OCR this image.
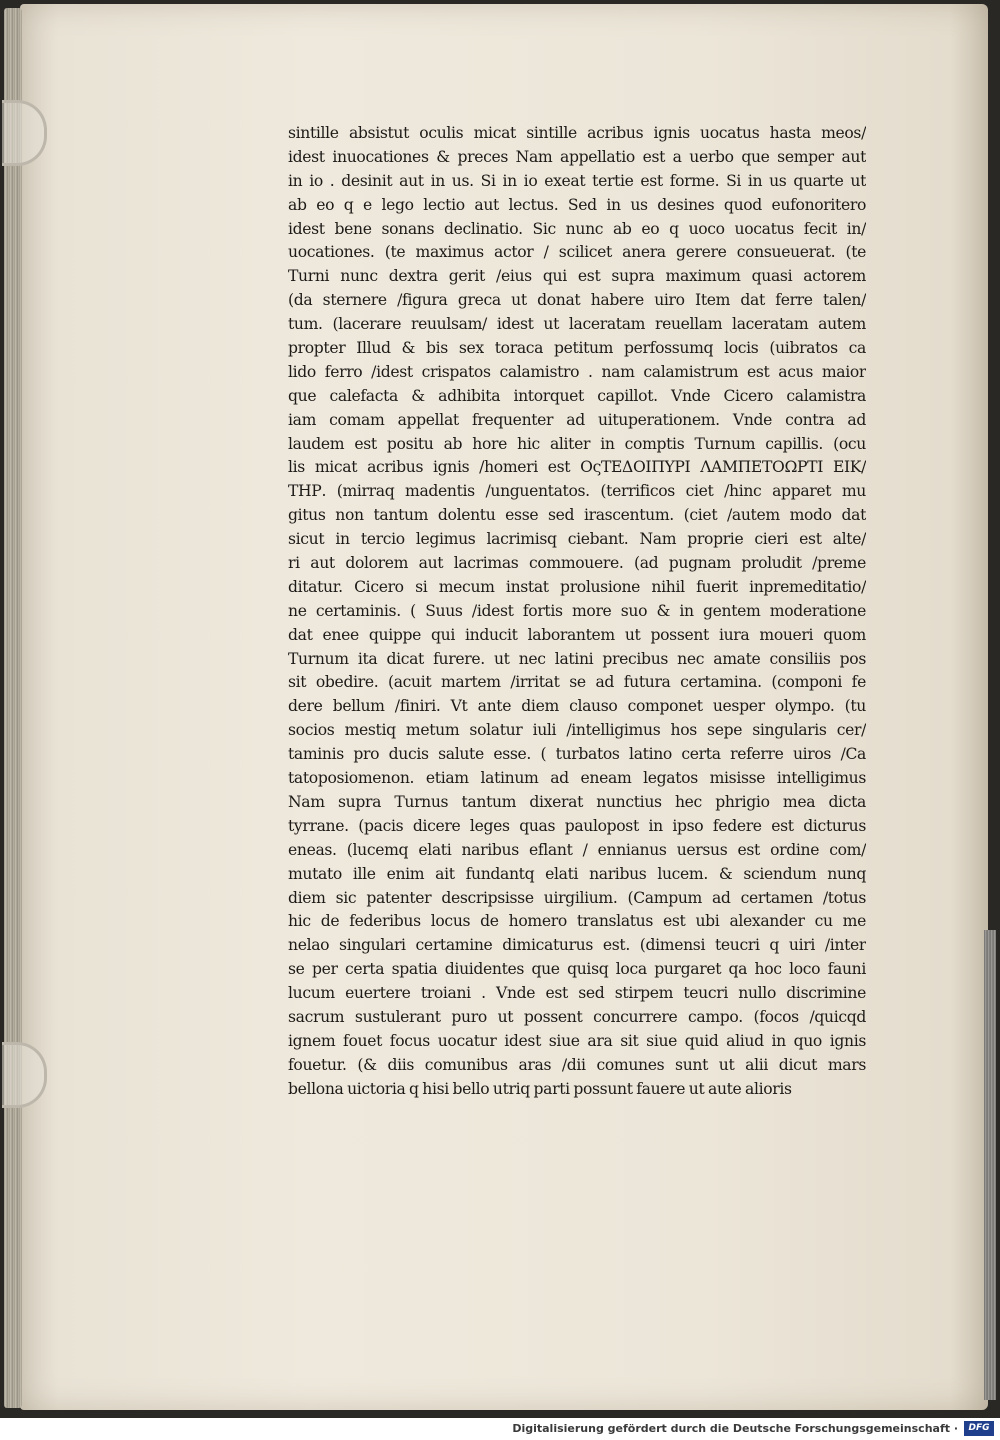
sintille absistut oculis micat sintille acribus ignis uocatus hasta meos/
idest inuocationes & preces Nam appellatio est a uerbo que semper aut
in io . desinit aut in us. Si in io exeat tertie est forme. Si in us quarte ut
ab eo q e lego lectio aut lectus. Sed in us desines quod eufonoritero
idest bene sonans declinatio. Sic nunc ab eo q uoco uocatus fecit in/
uocationes. (te maximus actor / scilicet anera gerere consueuerat. (te
Turni nunc dextra gerit /eius qui est supra maximum quasi actorem
(da sternere /figura greca ut donat habere uiro Item dat ferre talen/
tum. (lacerare reuulsam/ idest ut laceratam reuellam laceratam autem
propter Illud & bis sex toraca petitum perfossumq locis (uibratos ca
lido ferro /idest crispatos calamistro . nam calamistrum est acus maior
que calefacta & adhibita intorquet capillot. Vnde Cicero calamistra
iam comam appellat frequenter ad uituperationem. Vnde contra ad
laudem est positu ab hore hic aliter in comptis Turnum capillis. (ocu
lis micat acribus ignis /homeri est ΟςΤΕΔΟΙΠΥΡΙ ΛΑΜΠΕΤΟΩΡΤΙ ΕΙΚ/
ΤΗΡ. (mirraq madentis /unguentatos. (terrificos ciet /hinc apparet mu
gitus non tantum dolentu esse sed irascentum. (ciet /autem modo dat
sicut in tercio legimus lacrimisq ciebant. Nam proprie cieri est alte/
ri aut dolorem aut lacrimas commouere. (ad pugnam proludit /preme
ditatur. Cicero si mecum instat prolusione nihil fuerit inpremeditatio/
ne certaminis. ( Suus /idest fortis more suo & in gentem moderatione
dat enee quippe qui inducit laborantem ut possent iura moueri quom
Turnum ita dicat furere. ut nec latini precibus nec amate consiliis pos
sit obedire. (acuit martem /irritat se ad futura certamina. (componi fe
dere bellum /finiri. Vt ante diem clauso componet uesper olympo. (tu
socios mestiq metum solatur iuli /intelligimus hos sepe singularis cer/
taminis pro ducis salute esse. ( turbatos latino certa referre uiros /Ca
tatoposiomenon. etiam latinum ad eneam legatos misisse intelligimus
Nam supra Turnus tantum dixerat nunctius hec phrigio mea dicta
tyrrane. (pacis dicere leges quas paulopost in ipso federe est dicturus
eneas. (lucemq elati naribus eflant / ennianus uersus est ordine com/
mutato ille enim ait fundantq elati naribus lucem. & sciendum nunq
diem sic patenter descripsisse uirgilium. (Campum ad certamen /totus
hic de federibus locus de homero translatus est ubi alexander cu me
nelao singulari certamine dimicaturus est. (dimensi teucri q uiri /inter
se per certa spatia diuidentes que quisq loca purgaret qa hoc loco fauni
lucum euertere troiani . Vnde est sed stirpem teucri nullo discrimine
sacrum sustulerant puro ut possent concurrere campo. (focos /quicqd
ignem fouet focus uocatur idest siue ara sit siue quid aliud in quo ignis
fouetur. (& diis comunibus aras /dii comunes sunt ut alii dicut mars
bellona uictoria q hisi bello utriq parti possunt fauere ut aute alioris
Digitalisierung gefördert durch die Deutsche Forschungsgemeinschaft ·	DFG
